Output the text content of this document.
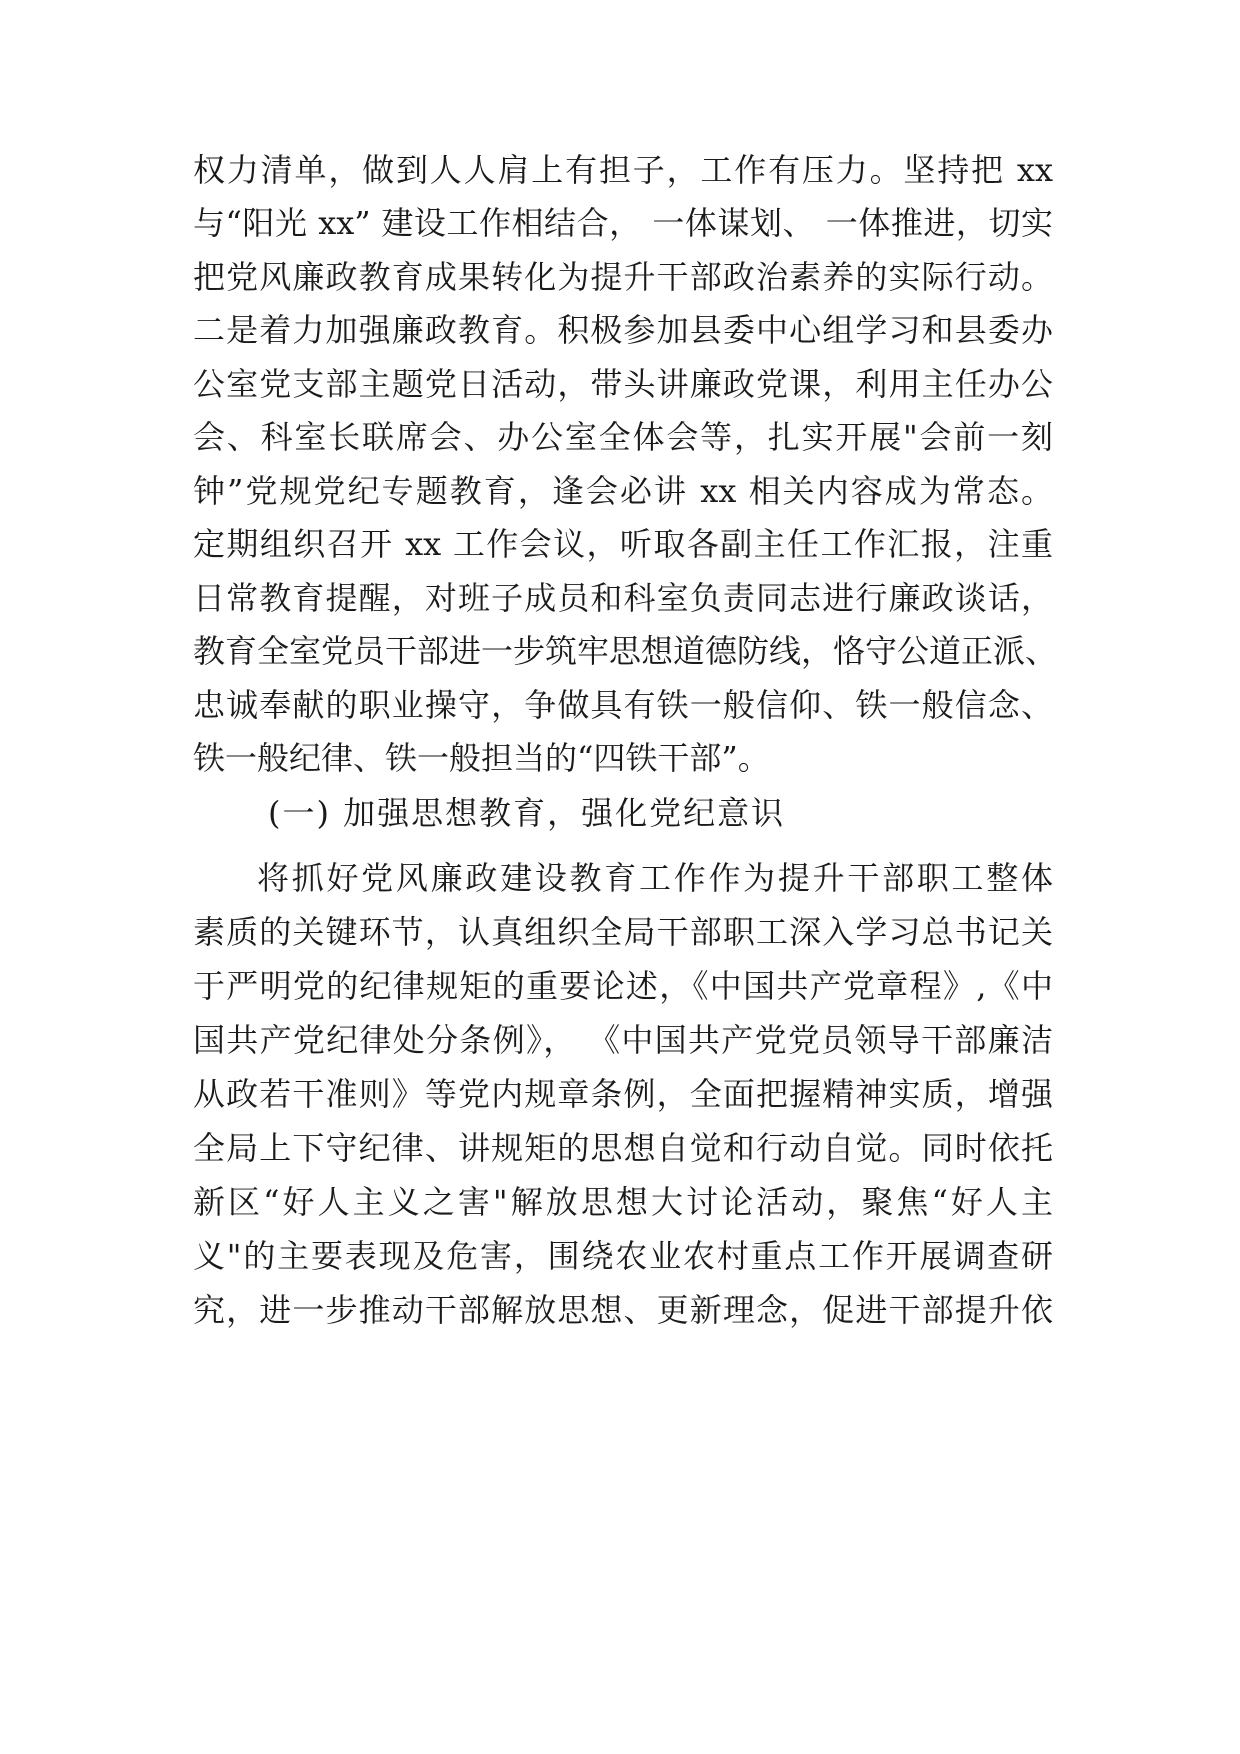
权力清单，做到人人肩上有担子，工作有压力。坚持把 xx
与“阳光 xx” 建设工作相结合， 一体谋划、 一体推进，切实
把党风廉政教育成果转化为提升干部政治素养的实际行动。
二是着力加强廉政教育。积极参加县委中心组学习和县委办
公室党支部主题党日活动，带头讲廉政党课，利用主任办公
会、科室长联席会、办公室全体会等，扎实开展"会前一刻
钟”党规党纪专题教育，逢会必讲 xx 相关内容成为常态。
定期组织召开 xx 工作会议，听取各副主任工作汇报，注重
日常教育提醒，对班子成员和科室负责同志进行廉政谈话，
教育全室党员干部进一步筑牢思想道德防线，恪守公道正派、
忠诚奉献的职业操守，争做具有铁一般信仰、铁一般信念、
铁一般纪律、铁一般担当的“四铁干部”。
(一) 加强思想教育，强化党纪意识
将抓好党风廉政建设教育工作作为提升干部职工整体
素质的关键环节，认真组织全局干部职工深入学习总书记关
于严明党的纪律规矩的重要论述，《中国共产党章程》,《中
国共产党纪律处分条例》， 《中国共产党党员领导干部廉洁
从政若干准则》等党内规章条例，全面把握精神实质，增强
全局上下守纪律、讲规矩的思想自觉和行动自觉。同时依托
新区“好人主义之害"解放思想大讨论活动，聚焦“好人主
义"的主要表现及危害，围绕农业农村重点工作开展调查研
究，进一步推动干部解放思想、更新理念，促进干部提升依
